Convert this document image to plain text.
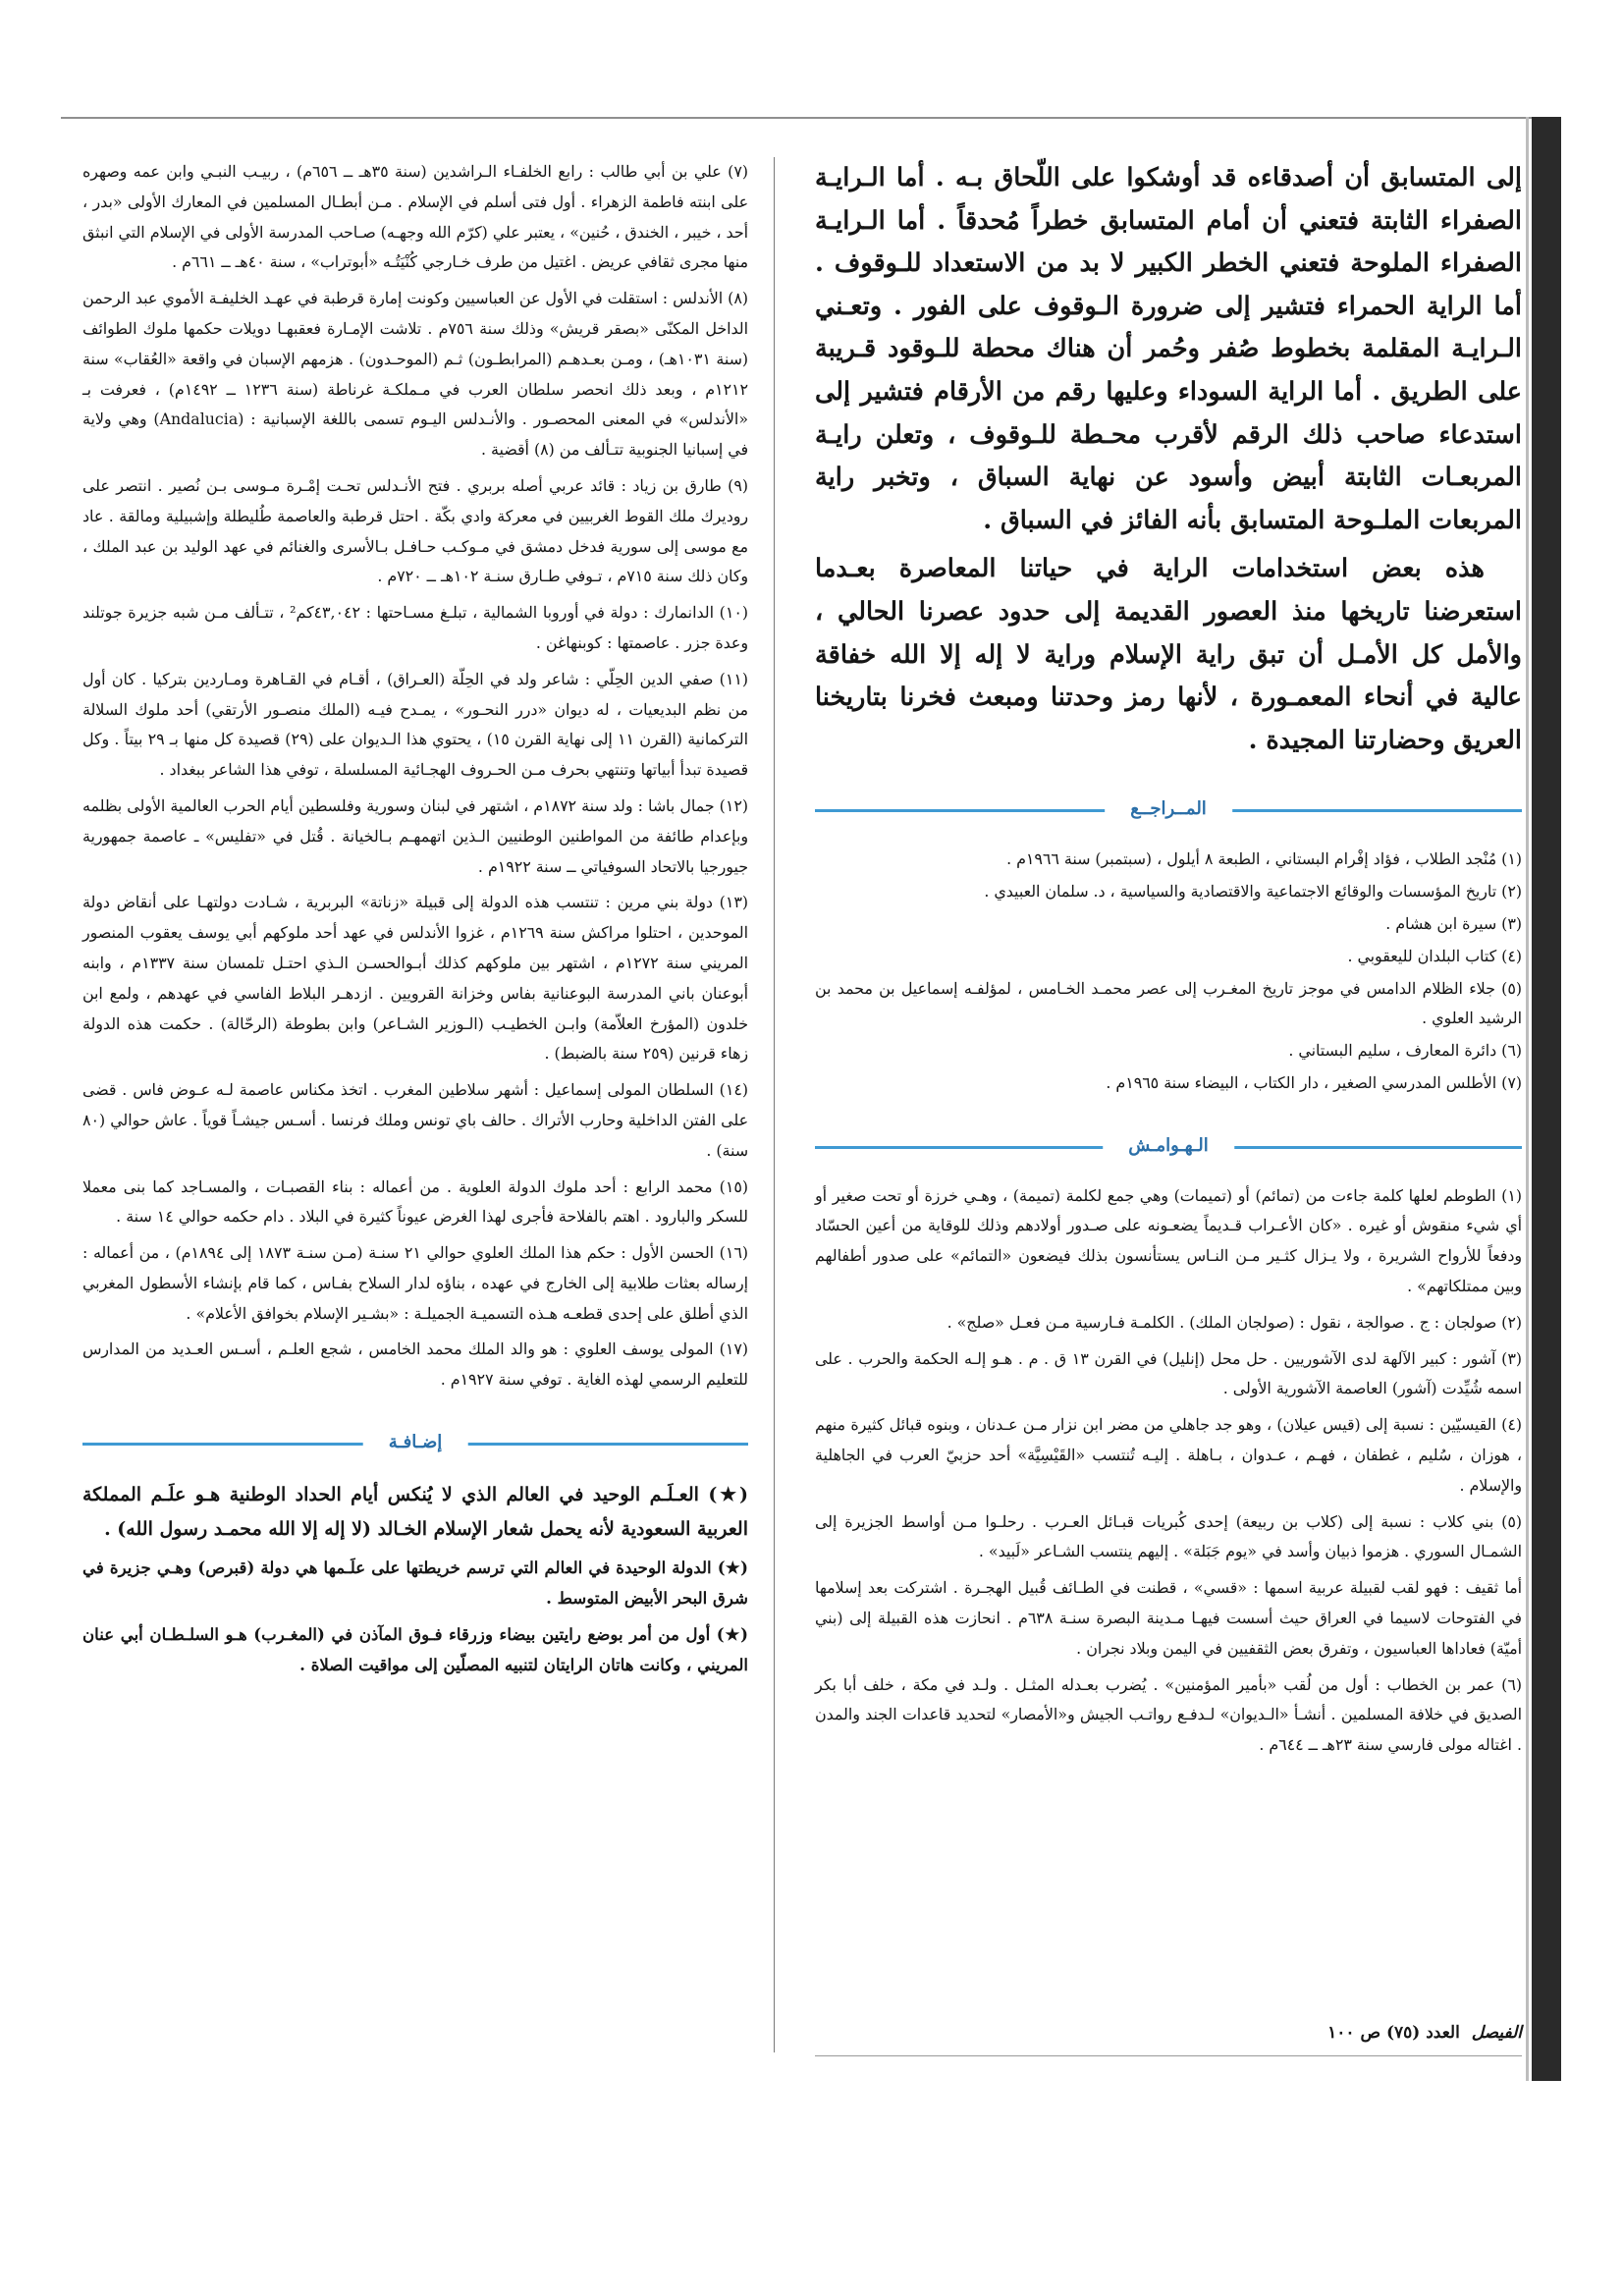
إلى المتسابق أن أصدقاءه قد أوشكوا على اللّحاق بـه . أما الـرايـة الصفراء الثابتة فتعني أن أمام المتسابق خطراً مُحدقاً . أما الـرايـة الصفراء الملوحة فتعني الخطر الكبير لا بد من الاستعداد للـوقوف . أما الراية الحمراء فتشير إلى ضرورة الـوقوف على الفور . وتعـني الـرايـة المقلمة بخطوط صُفر وحُمر أن هناك محطة للـوقود قـريبة على الطريق . أما الراية السوداء وعليها رقم من الأرقام فتشير إلى استدعاء صاحب ذلك الرقم لأقرب محـطة للـوقوف ، وتعلن رايـة المربعـات الثابتة أبيض وأسود عن نهاية السباق ، وتخبر راية المربعات الملـوحة المتسابق بأنه الفائز في السباق .

هذه بعض استخدامات الراية في حياتنا المعاصرة بعـدما استعرضنا تاريخها منذ العصور القديمة إلى حدود عصرنا الحالي ، والأمل كل الأمـل أن تبق راية الإسلام وراية لا إله إلا الله خفاقة عالية في أنحاء المعمـورة ، لأنها رمز وحدتنا ومبعث فخرنا بتاريخنا العريق وحضارتنا المجيدة .

المــراجــع

(١) مُنْجد الطلاب ، فؤاد إفْرام البستاني ، الطبعة ٨ أيلول ، (سبتمبر) سنة ١٩٦٦م .

(٢) تاريخ المؤسسات والوقائع الاجتماعية والاقتصادية والسياسية ، د. سلمان العبيدي .

(٣) سيرة ابن هشام .

(٤) كتاب البلدان لليعقوبي .

(٥) جلاء الظلام الدامس في موجز تاريخ المغـرب إلى عصر محمـد الخـامس ، لمؤلفـه إسماعيل بن محمد بن الرشيد العلوي .

(٦) دائرة المعارف ، سليم البستاني .

(٧) الأطلس المدرسي الصغير ، دار الكتاب ، البيضاء سنة ١٩٦٥م .

الـهـوامـش

(١) الطوطم لعلها كلمة جاءت من (تمائم) أو (تميمات) وهي جمع لكلمة (تميمة) ، وهـي خرزة أو تحت صغير أو أي شيء منقوش أو غيره . «كان الأعـراب قـديماً يضعـونه على صـدور أولادهم وذلك للوقاية من أعين الحسّاد ودفعاً للأرواح الشريرة ، ولا يـزال كثـير مـن النـاس يستأنسون بذلك فيضعون «التمائم» على صدور أطفالهم وبين ممتلكاتهم» .

(٢) صولجان : ج . صوالجة ، نقول : (صولجان الملك) . الكلمـة فـارسية مـن فعـل «صلج» .

(٣) آشور : كبير الآلهة لدى الآشوريين . حل محل (إنليل) في القرن ١٣ ق . م . هـو إلـه الحكمة والحرب . على اسمه شُيِّدت (آشور) العاصمة الآشورية الأولى .

(٤) القيسيّين : نسبة إلى (قيس عيلان) ، وهو جد جاهلي من مضر ابن نزار مـن عـدنان ، وبنوه قبائل كثيرة منهم ، هوزان ، سُليم ، غطفان ، فهـم ، عـدوان ، بـاهلة . إليـه تُنتسب «القَيْسِيَّة» أحد حزبيّ العرب في الجاهلية والإسلام .

(٥) بني كلاب : نسبة إلى (كلاب بن ربيعة) إحدى كُبريات قبـائل العـرب . رحلـوا مـن أواسط الجزيرة إلى الشمـال السوري . هزموا ذبيان وأسد في «يوم جَبَلة» . إليهم ينتسب الشـاعر «لَبيد» .

أما ثقيف : فهو لقب لقبيلة عربية اسمها : «قسي» ، قطنت في الطـائف قُبيل الهجـرة . اشتركت بعد إسلامها في الفتوحات لاسيما في العراق حيث أسست فيهـا مـدينة البصرة سنـة ٦٣٨م . انحازت هذه القبيلة إلى (بني أميّة) فعاداها العباسيون ، وتفرق بعض الثقفيين في اليمن وبلاد نجران .

(٦) عمر بن الخطاب : أول من لُقب «بأمير المؤمنين» . يُضرب بعـدله المثـل . ولـد في مكة ، خلف أبا بكر الصديق في خلافة المسلمين . أنشـأ «الـديوان» لـدفـع رواتـب الجيش و«الأمصار» لتحديد قاعدات الجند والمدن . اغتاله مولى فارسي سنة ٢٣هـ ــ ٦٤٤م .

(٧) علي بن أبي طالب : رابع الخلفـاء الـراشدين (سنة ٣٥هـ ــ ٦٥٦م) ، ربيـب النبـي وابن عمه وصهره على ابنته فاطمة الزهراء . أول فتى أسلم في الإسلام . مـن أبطـال المسلمين في المعارك الأولى «بدر ، أحد ، خيبر ، الخندق ، حُنين» ، يعتبر علي (كرّم الله وجهـه) صـاحب المدرسة الأولى في الإسلام التي انبثق منها مجرى ثقافي عريض . اغتيل من طرف خـارجي كُنْيَتُـه «أبوتراب» ، سنة ٤٠هـ ــ ٦٦١م .

(٨) الأندلس : استقلت في الأول عن العباسيين وكونت إمارة قرطبة في عهـد الخليفـة الأموي عبد الرحمن الداخل المكنّى «بصقر قريش» وذلك سنة ٧٥٦م . تلاشت الإمـارة فعقبهـا دويلات حكمها ملوك الطوائف (سنة ١٠٣١هـ) ، ومـن بعـدهـم (المرابطـون) ثـم (الموحـدون) . هزمهم الإسبان في واقعة «العُقاب» سنة ١٢١٢م ، وبعد ذلك انحصر سلطان العرب في مـملكـة غرناطة (سنة ١٢٣٦ ــ ١٤٩٢م) ، فعرفت بـ «الأندلس» في المعنى المحصـور . والأنـدلس اليـوم تسمى باللغة الإسبانية : (Andalucia) وهي ولاية في إسبانيا الجنوبية تتـألف من (٨) أقضية .

(٩) طارق بن زياد : قائد عربي أصله بربري . فتح الأنـدلس تحـت إمْـرة مـوسى بـن نُصير . انتصر على روديرك ملك القوط الغربيين في معركة وادي بكّة . احتل قرطبة والعاصمة طُليطلة وإشبيلية ومالقة . عاد مع موسى إلى سورية فدخل دمشق في مـوكـب حـافـل بـالأسرى والغنائم في عهد الوليد بن عبد الملك ، وكان ذلك سنة ٧١٥م ، تـوفي طـارق سنـة ١٠٢هـ ــ ٧٢٠م .

(١٠) الدانمارك : دولة في أوروبا الشمالية ، تبلـغ مسـاحتها : ٤٣,٠٤٢كم² ، تتـألف مـن شبه جزيرة جوتلند وعدة جزر . عاصمتها : كوبنهاغن .

(١١) صفي الدين الحِلّي : شاعر ولد في الحِلّة (العـراق) ، أقـام في القـاهرة ومـاردين بتركيا . كان أول من نظم البديعيات ، له ديوان «درر النحـور» ، يمـدح فيـه (الملك منصـور الأرتقي) أحد ملوك السلالة التركمانية (القرن ١١ إلى نهاية القرن ١٥) ، يحتوي هذا الـديوان على (٢٩) قصيدة كل منها بـ ٢٩ بيتاً . وكل قصيدة تبدأ أبياتها وتنتهي بحرف مـن الحـروف الهجـائية المسلسلة ، توفي هذا الشاعر ببغداد .

(١٢) جمال باشا : ولد سنة ١٨٧٢م ، اشتهر في لبنان وسورية وفلسطين أيام الحرب العالمية الأولى بظلمه وبإعدام طائفة من المواطنين الوطنيين الـذين اتهمهـم بـالخيانة . قُتل في «تفليس» ـ عاصمة جمهورية جيورجيا بالاتحاد السوفياتي ــ سنة ١٩٢٢م .

(١٣) دولة بني مرين : تنتسب هذه الدولة إلى قبيلة «زناتة» البربرية ، شـادت دولتهـا على أنقاض دولة الموحدين ، احتلوا مراكش سنة ١٢٦٩م ، غزوا الأندلس في عهد أحد ملوكهم أبي يوسف يعقوب المنصور المريني سنة ١٢٧٢م ، اشتهر بين ملوكهم كذلك أبـوالحسـن الـذي احتـل تلمسان سنة ١٣٣٧م ، وابنه أبوعنان باني المدرسة البوعنانية بفاس وخزانة القرويين . ازدهـر البلاط الفاسي في عهدهم ، ولمع ابن خلدون (المؤرخ العلاّمة) وابـن الخطيـب (الـوزير الشـاعر) وابن بطوطة (الرحّالة) . حكمت هذه الدولة زهاء قرنين (٢٥٩ سنة بالضبط) .

(١٤) السلطان المولى إسماعيل : أشهر سلاطين المغرب . اتخذ مكناس عاصمة لـه عـوض فاس . قضى على الفتن الداخلية وحارب الأتراك . حالف باي تونس وملك فرنسا . أسـس جيشـاً قوياً . عاش حوالي (٨٠ سنة) .

(١٥) محمد الرابع : أحد ملوك الدولة العلوية . من أعماله : بناء القصبـات ، والمسـاجد كما بنى معملا للسكر والبارود . اهتم بالفلاحة فأجرى لهذا الغرض عيوناً كثيرة في البلاد . دام حكمه حوالي ١٤ سنة .

(١٦) الحسن الأول : حكم هذا الملك العلوي حوالي ٢١ سنـة (مـن سنـة ١٨٧٣ إلى ١٨٩٤م) ، من أعماله : إرساله بعثات طلابية إلى الخارج في عهده ، بناؤه لدار السلاح بفـاس ، كما قام بإنشاء الأسطول المغربي الذي أطلق على إحدى قطعـه هـذه التسميـة الجميلـة : «بشـير الإسلام بخوافق الأعلام» .

(١٧) المولى يوسف العلوي : هو والد الملك محمد الخامس ، شجع العلـم ، أسـس العـديد من المدارس للتعليم الرسمي لهذه الغاية . توفي سنة ١٩٢٧م .

إضـافـة

(★) العـلَـم الوحيد في العالم الذي لا يُنكس أيام الحداد الوطنية هـو علَـم المملكة العربية السعودية لأنه يحمل شعار الإسلام الخـالد (لا إله إلا الله محمـد رسول الله) .

(★) الدولة الوحيدة في العالم التي ترسم خريطتها على علَـمها هي دولة (قبرص) وهـي جزيرة في شرق البحر الأبيض المتوسط .

(★) أول من أمر بوضع رايتين بيضاء وزرقاء فـوق المآذن في (المغـرب) هـو السلـطـان أبي عنان المريني ، وكانت هاتان الرايتان لتنبيه المصلّين إلى مواقيت الصلاة .

الفيصل العدد (٧٥) ص ١٠٠
